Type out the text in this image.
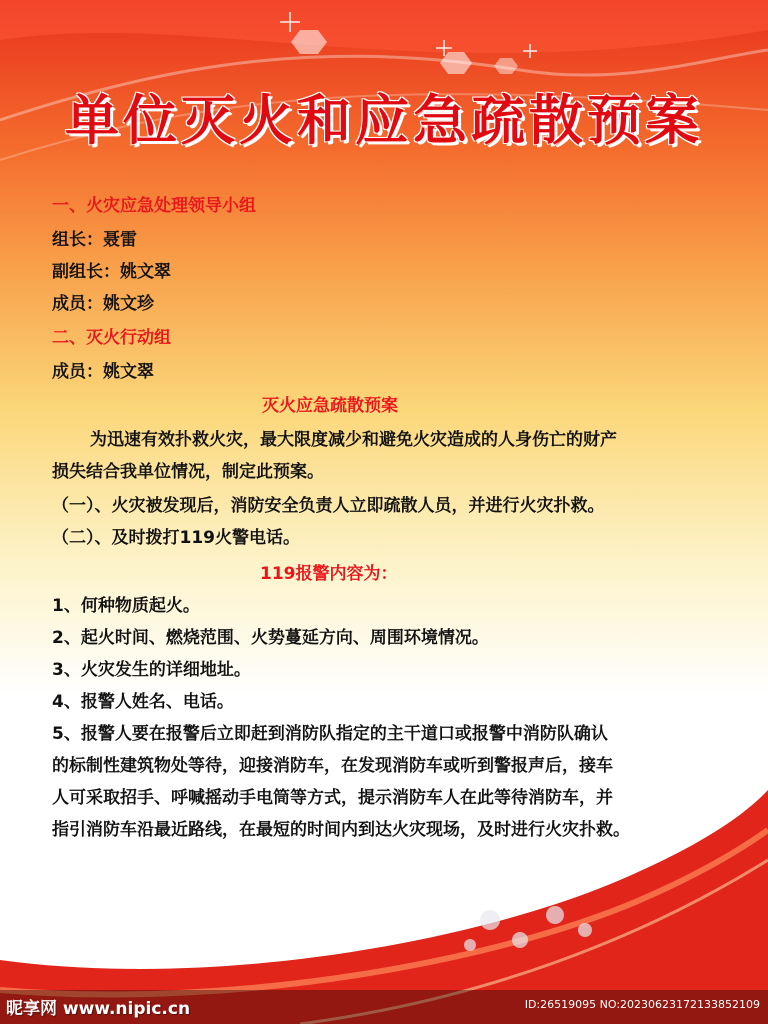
单位灭火和应急疏散预案
一、火灾应急处理领导小组
组长：聂雷
副组长：姚文翠
成员：姚文珍
二、灭火行动组
成员：姚文翠
灭火应急疏散预案
为迅速有效扑救火灾，最大限度减少和避免火灾造成的人身伤亡的财产
损失结合我单位情况，制定此预案。
（一）、火灾被发现后，消防安全负责人立即疏散人员，并进行火灾扑救。
（二）、及时拨打119火警电话。
119报警内容为：
1、何种物质起火。
2、起火时间、燃烧范围、火势蔓延方向、周围环境情况。
3、火灾发生的详细地址。
4、报警人姓名、电话。
5、报警人要在报警后立即赶到消防队指定的主干道口或报警中消防队确认
的标制性建筑物处等待，迎接消防车，在发现消防车或听到警报声后，接车
人可采取招手、呼喊摇动手电筒等方式，提示消防车人在此等待消防车，并
指引消防车沿最近路线，在最短的时间内到达火灾现场，及时进行火灾扑救。
昵享网 www.nipic.cn	ID:26519095 NO:20230623172133852109
